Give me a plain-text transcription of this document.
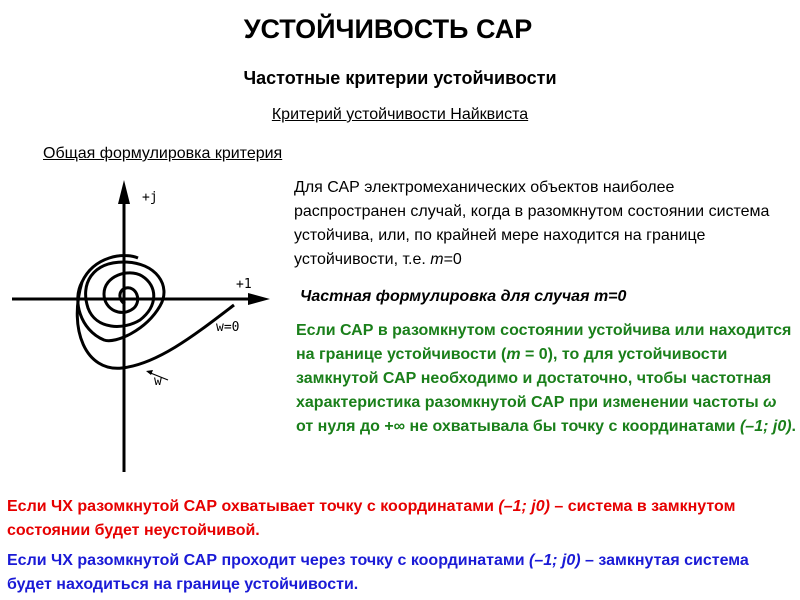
УСТОЙЧИВОСТЬ САР
Частотные критерии устойчивости
Критерий устойчивости Найквиста
Общая формулировка критерия
+j
+1
w=0
w
Для САР электромеханических объектов наиболее распространен случай, когда в разомкнутом состоянии система устойчива, или, по крайней мере находится на границе устойчивости, т.е. m=0
Частная формулировка для случая m=0
Если САР в разомкнутом состоянии устойчива или находится на границе устойчивости (m = 0), то для устойчивости замкнутой САР необходимо и достаточно, чтобы частотная характеристика разомкнутой САР при изменении частоты ω от нуля до +∞ не охватывала бы точку с координатами (–1; j0).
Если ЧХ разомкнутой САР охватывает точку с координатами (–1; j0) – система в замкнутом состоянии будет неустойчивой.
Если ЧХ разомкнутой САР проходит через точку с координатами (–1; j0) – замкнутая система будет находиться на границе устойчивости.
